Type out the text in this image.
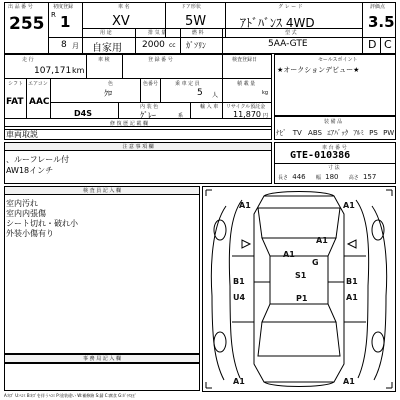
出 品 番 号
255
初度登録
R 1
8 月
車 名
XV
ドア形状
5W
グ レ ー ド
ｱﾄﾞﾊﾞﾝｽ 4WD
評価点
3.5
用 途
自家用
排 気 量
2000 cc
燃 料
ｶﾞｿﾘﾝ
型 式
5AA-GTE	D C
走 行
107,171 km
車 検	登 録 番 号	検査登録日
シフト エアコン
FAT AAC
色
ｸﾛ
色番号	乗 車 定 員
5 人
積 載 量
kg
D4S
内 装 色
ｸﾞﾚｰ	系
輸 入 車 リサイクル預託金
11,870 円
修 復 歴 記 載 欄
車両取説
セールスポイント
★オークションデビュー★
装 備 品
ﾅﾋﾞ TV ABS ｴｱﾊﾞｯｸ ｱﾙﾐ PS PW
注 意 事 項 欄
、ルーフレール付
AW18インチ
車 台 番 号
GTE-010386
寸 法
長さ 446 幅 180 高さ 157
検 査 員 記 入 欄
室内汚れ
室内内張傷
シート切れ・破れ小
外装小傷有り
事 務 局 記 入 欄
A1	A1
A1
A1
G
B1	B1
S1
U4	P1	A1
A1	A1
A:ｷｽﾞ U:ﾍｺﾐ B:ｷｽﾞを伴うﾍｺﾐ P:塗装違い W:補修跡 S:錆 C:腐食 G:ｶﾞﾗｽﾋﾋﾞ
